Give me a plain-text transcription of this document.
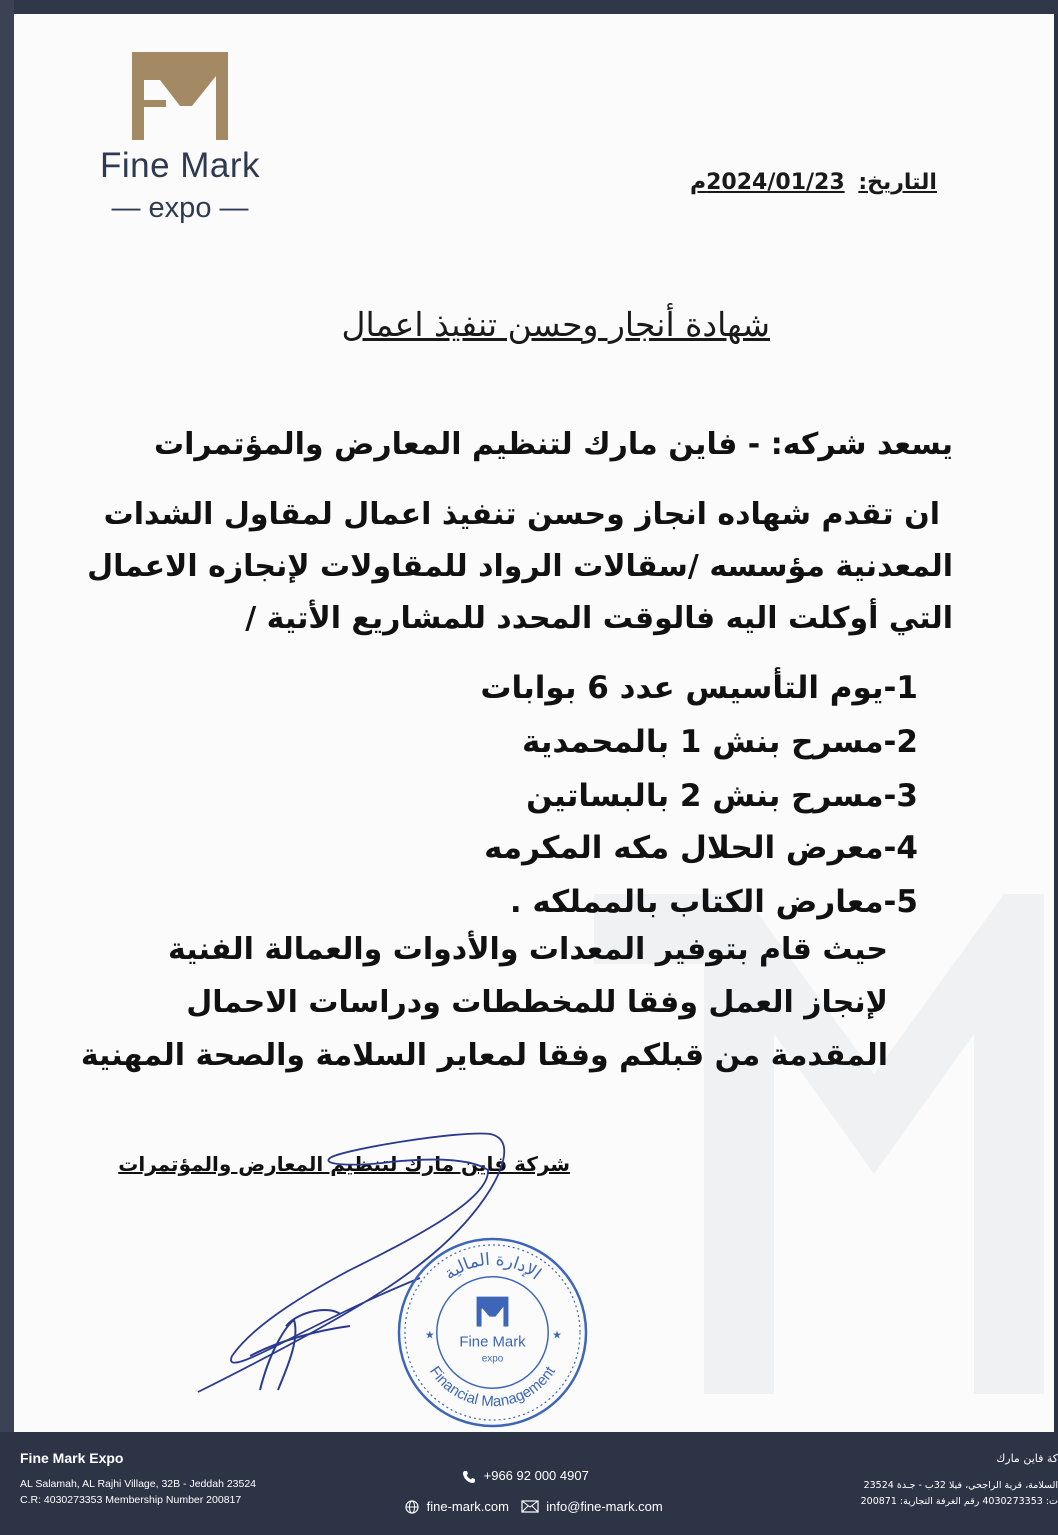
Fine Mark
— expo —
التاريخ: 2024/01/23م
شهادة أنجار وحسن تنفيذ اعمال
يسعد شركه: - فاين مارك لتنظيم المعارض والمؤتمرات
ان تقدم شهاده انجاز وحسن تنفيذ اعمال لمقاول الشدات
المعدنية مؤسسه /سقالات الرواد للمقاولات لإنجازه الاعمال
التي أوكلت اليه فالوقت المحدد للمشاريع الأتية /
1-يوم التأسيس عدد 6 بوابات
2-مسرح بنش 1 بالمحمدية
3-مسرح بنش 2 بالبساتين
4-معرض الحلال مكه المكرمه
5-معارض الكتاب بالمملكه .
حيث قام بتوفير المعدات والأدوات والعمالة الفنية
لإنجاز العمل وفقا للمخططات ودراسات الاحمال
المقدمة من قبلكم وفقا لمعاير السلامة والصحة المهنية
شركة فاين مارك لتنظيم المعارض والمؤتمرات
الإدارة المالية
Financial Management
Fine Mark
expo
★	★
Fine Mark Expo
AL Salamah, AL Rajhi Village, 32B - Jeddah 23524
C.R: 4030273353 Membership Number 200817
+966 92 000 4907
fine-mark.com	info@fine-mark.com
كة فاين مارك
السلامة، قرية الراجحي، فيلا 32ب - جـدة 23524
ت: 4030273353 رقم الغرفة التجارية: 200871
